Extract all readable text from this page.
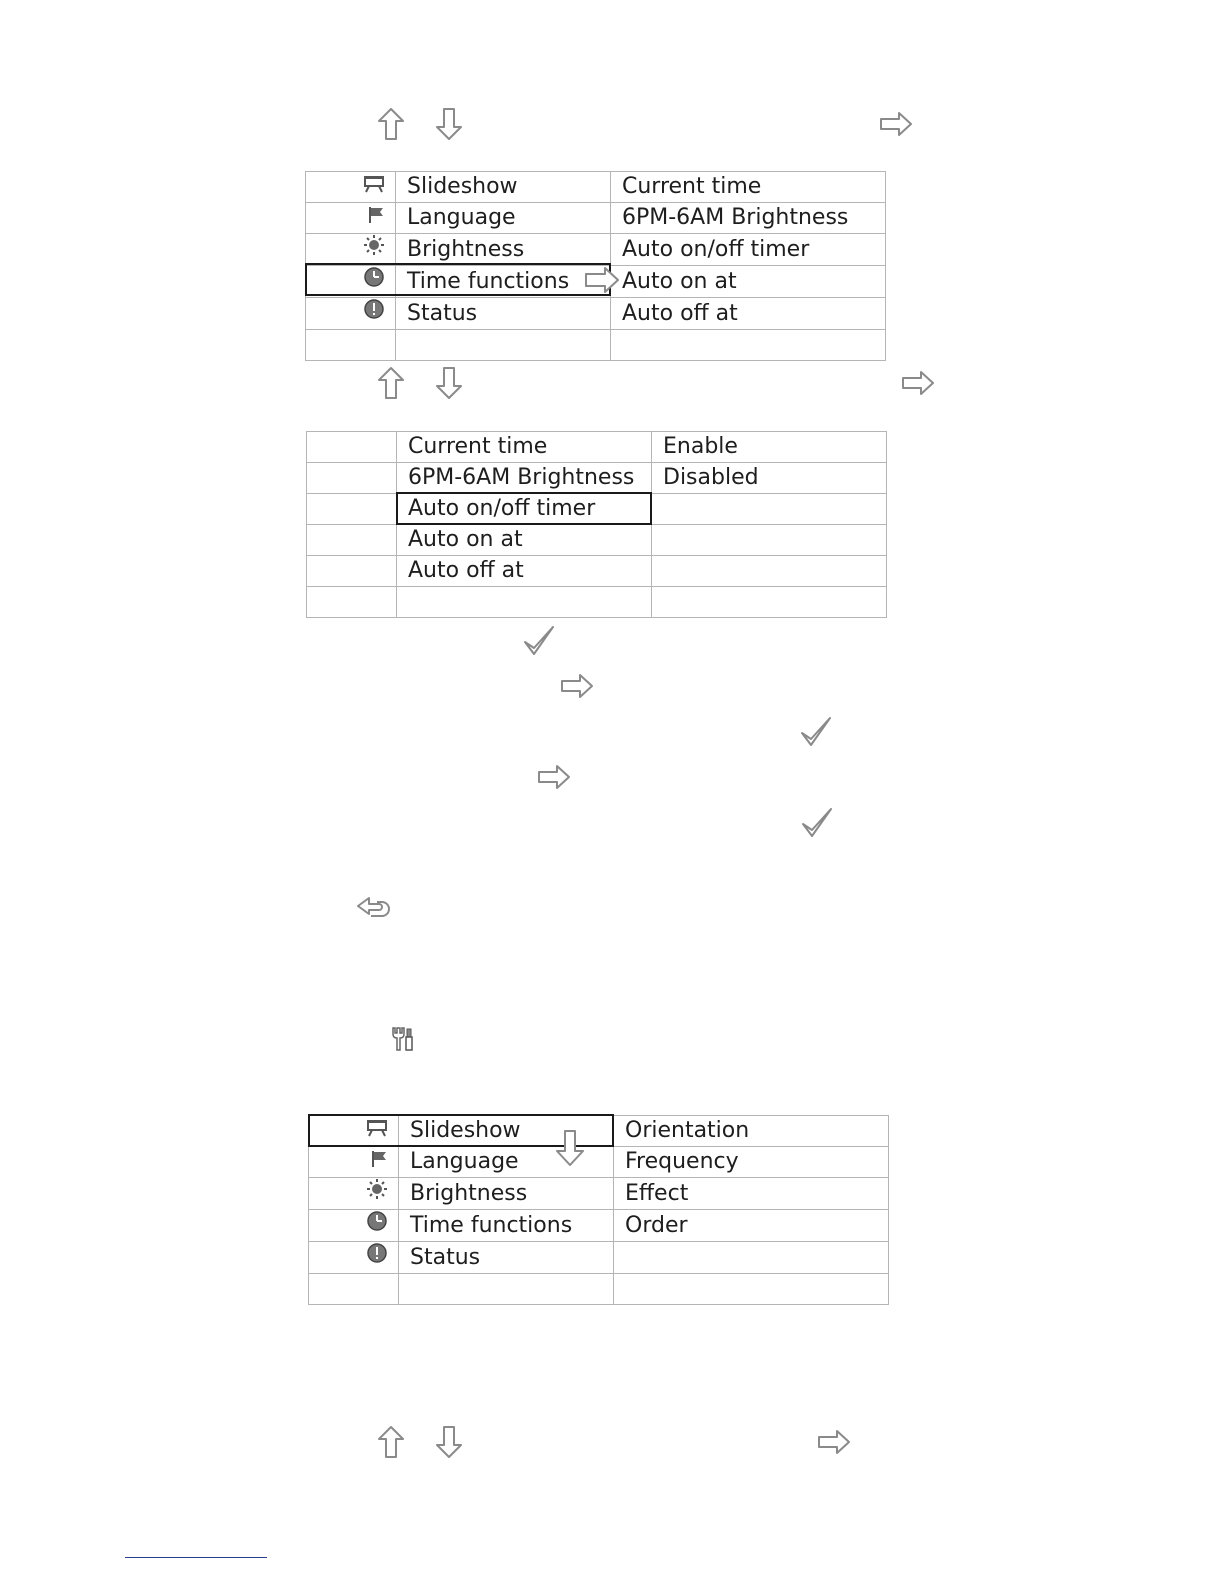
	Slideshow	Current time
	Language	6PM-6AM Brightness
	Brightness	Auto on/off timer
	Time functions	Auto on at
	Status	Auto off at

	Current time	Enable
	6PM-6AM Brightness	Disabled
	Auto on/off timer	
	Auto on at	
	Auto off at	

	Slideshow	Orientation
	Language	Frequency
	Brightness	Effect
	Time functions	Order
	Status	
